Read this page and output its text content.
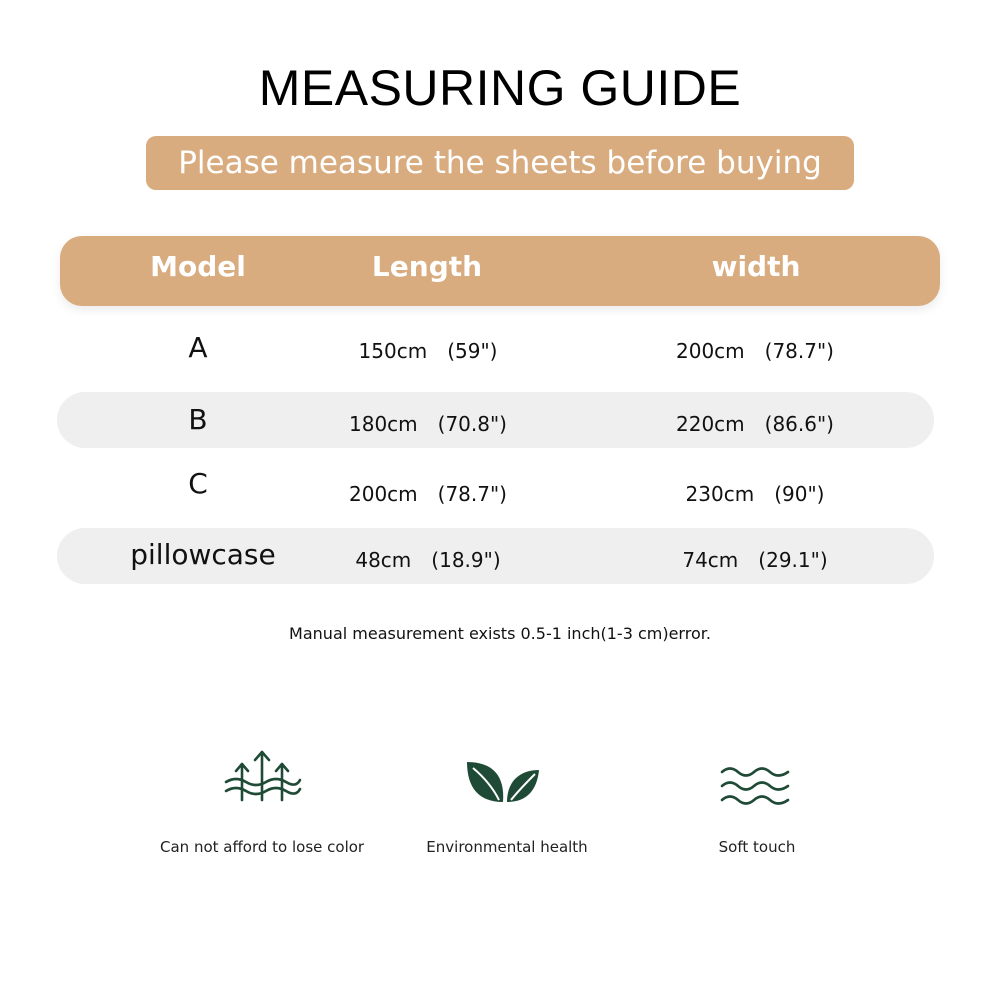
MEASURING GUIDE
Please measure the sheets before buying
Model	Length	width
A	150cm　(59")	200cm　(78.7")
B	180cm　(70.8")	220cm　(86.6")
C	200cm　(78.7")	230cm　(90")
pillowcase	48cm　(18.9")	74cm　(29.1")
Manual measurement exists 0.5-1 inch(1-3 cm)error.
Can not afford to lose color	Environmental health	Soft touch
